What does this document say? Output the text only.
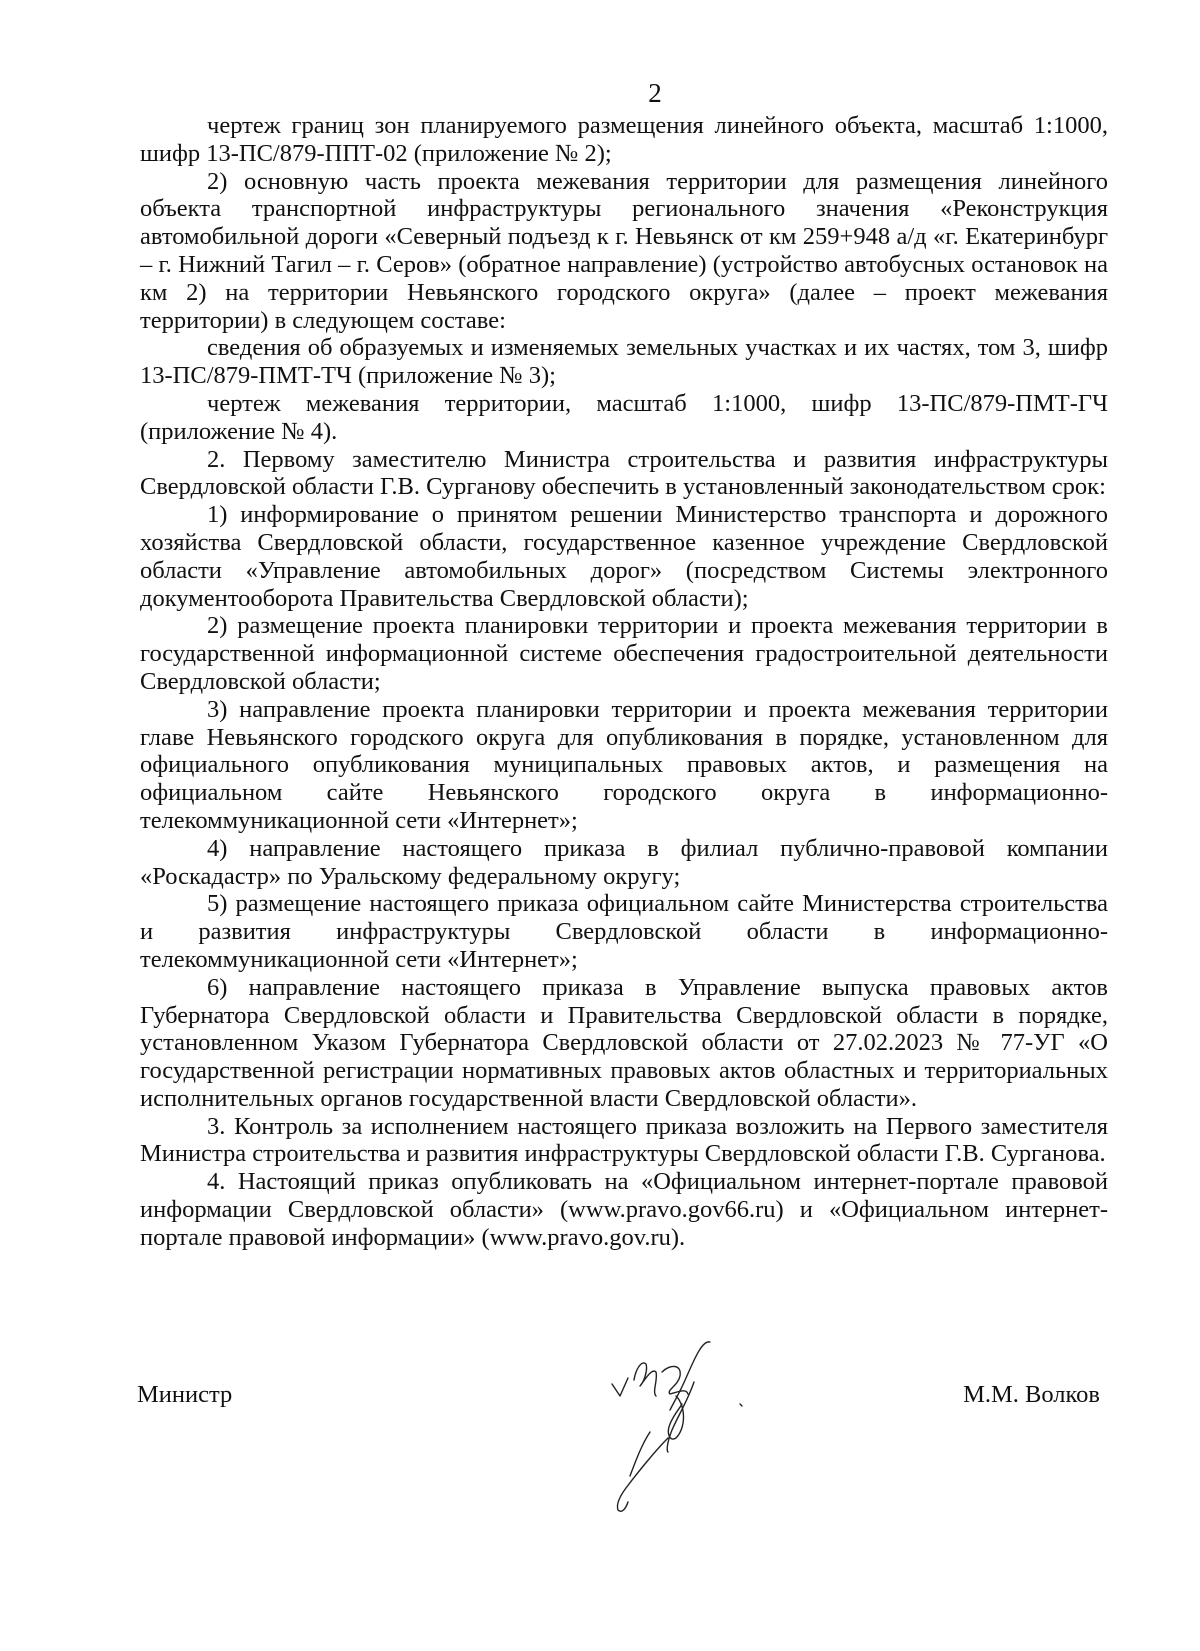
2

чертеж границ зон планируемого размещения линейного объекта, масштаб 1:1000, шифр 13-ПС/879-ППТ-02 (приложение № 2);

2) основную часть проекта межевания территории для размещения линейного объекта транспортной инфраструктуры регионального значения «Реконструкция автомобильной дороги «Северный подъезд к г. Невьянск от км 259+948 а/д «г. Екатеринбург – г. Нижний Тагил – г. Серов» (обратное направление) (устройство автобусных остановок на км 2) на территории Невьянского городского округа» (далее – проект межевания территории) в следующем составе:

сведения об образуемых и изменяемых земельных участках и их частях, том 3, шифр 13-ПС/879-ПМТ-ТЧ (приложение № 3);

чертеж межевания территории, масштаб 1:1000, шифр 13-ПС/879-ПМТ-ГЧ (приложение № 4).

2. Первому заместителю Министра строительства и развития инфраструктуры Свердловской области Г.В. Сурганову обеспечить в установленный законодательством срок:

1) информирование о принятом решении Министерство транспорта и дорожного хозяйства Свердловской области, государственное казенное учреждение Свердловской области «Управление автомобильных дорог» (посредством Системы электронного документооборота Правительства Свердловской области);

2) размещение проекта планировки территории и проекта межевания территории в государственной информационной системе обеспечения градостроительной деятельности Свердловской области;

3) направление проекта планировки территории и проекта межевания территории главе Невьянского городского округа для опубликования в порядке, установленном для официального опубликования муниципальных правовых актов, и размещения на официальном сайте Невьянского городского округа в информационно-телекоммуникационной сети «Интернет»;

4) направление настоящего приказа в филиал публично-правовой компании «Роскадастр» по Уральскому федеральному округу;

5) размещение настоящего приказа официальном сайте Министерства строительства и развития инфраструктуры Свердловской области в информационно-телекоммуникационной сети «Интернет»;

6) направление настоящего приказа в Управление выпуска правовых актов Губернатора Свердловской области и Правительства Свердловской области в порядке, установленном Указом Губернатора Свердловской области от 27.02.2023 № 77-УГ «О государственной регистрации нормативных правовых актов областных и территориальных исполнительных органов государственной власти Свердловской области».

3. Контроль за исполнением настоящего приказа возложить на Первого заместителя Министра строительства и развития инфраструктуры Свердловской области Г.В. Сурганова.

4. Настоящий приказ опубликовать на «Официальном интернет-портале правовой информации Свердловской области» (www.pravo.gov66.ru) и «Официальном интернет-портале правовой информации» (www.pravo.gov.ru).

Министр	М.М. Волков
